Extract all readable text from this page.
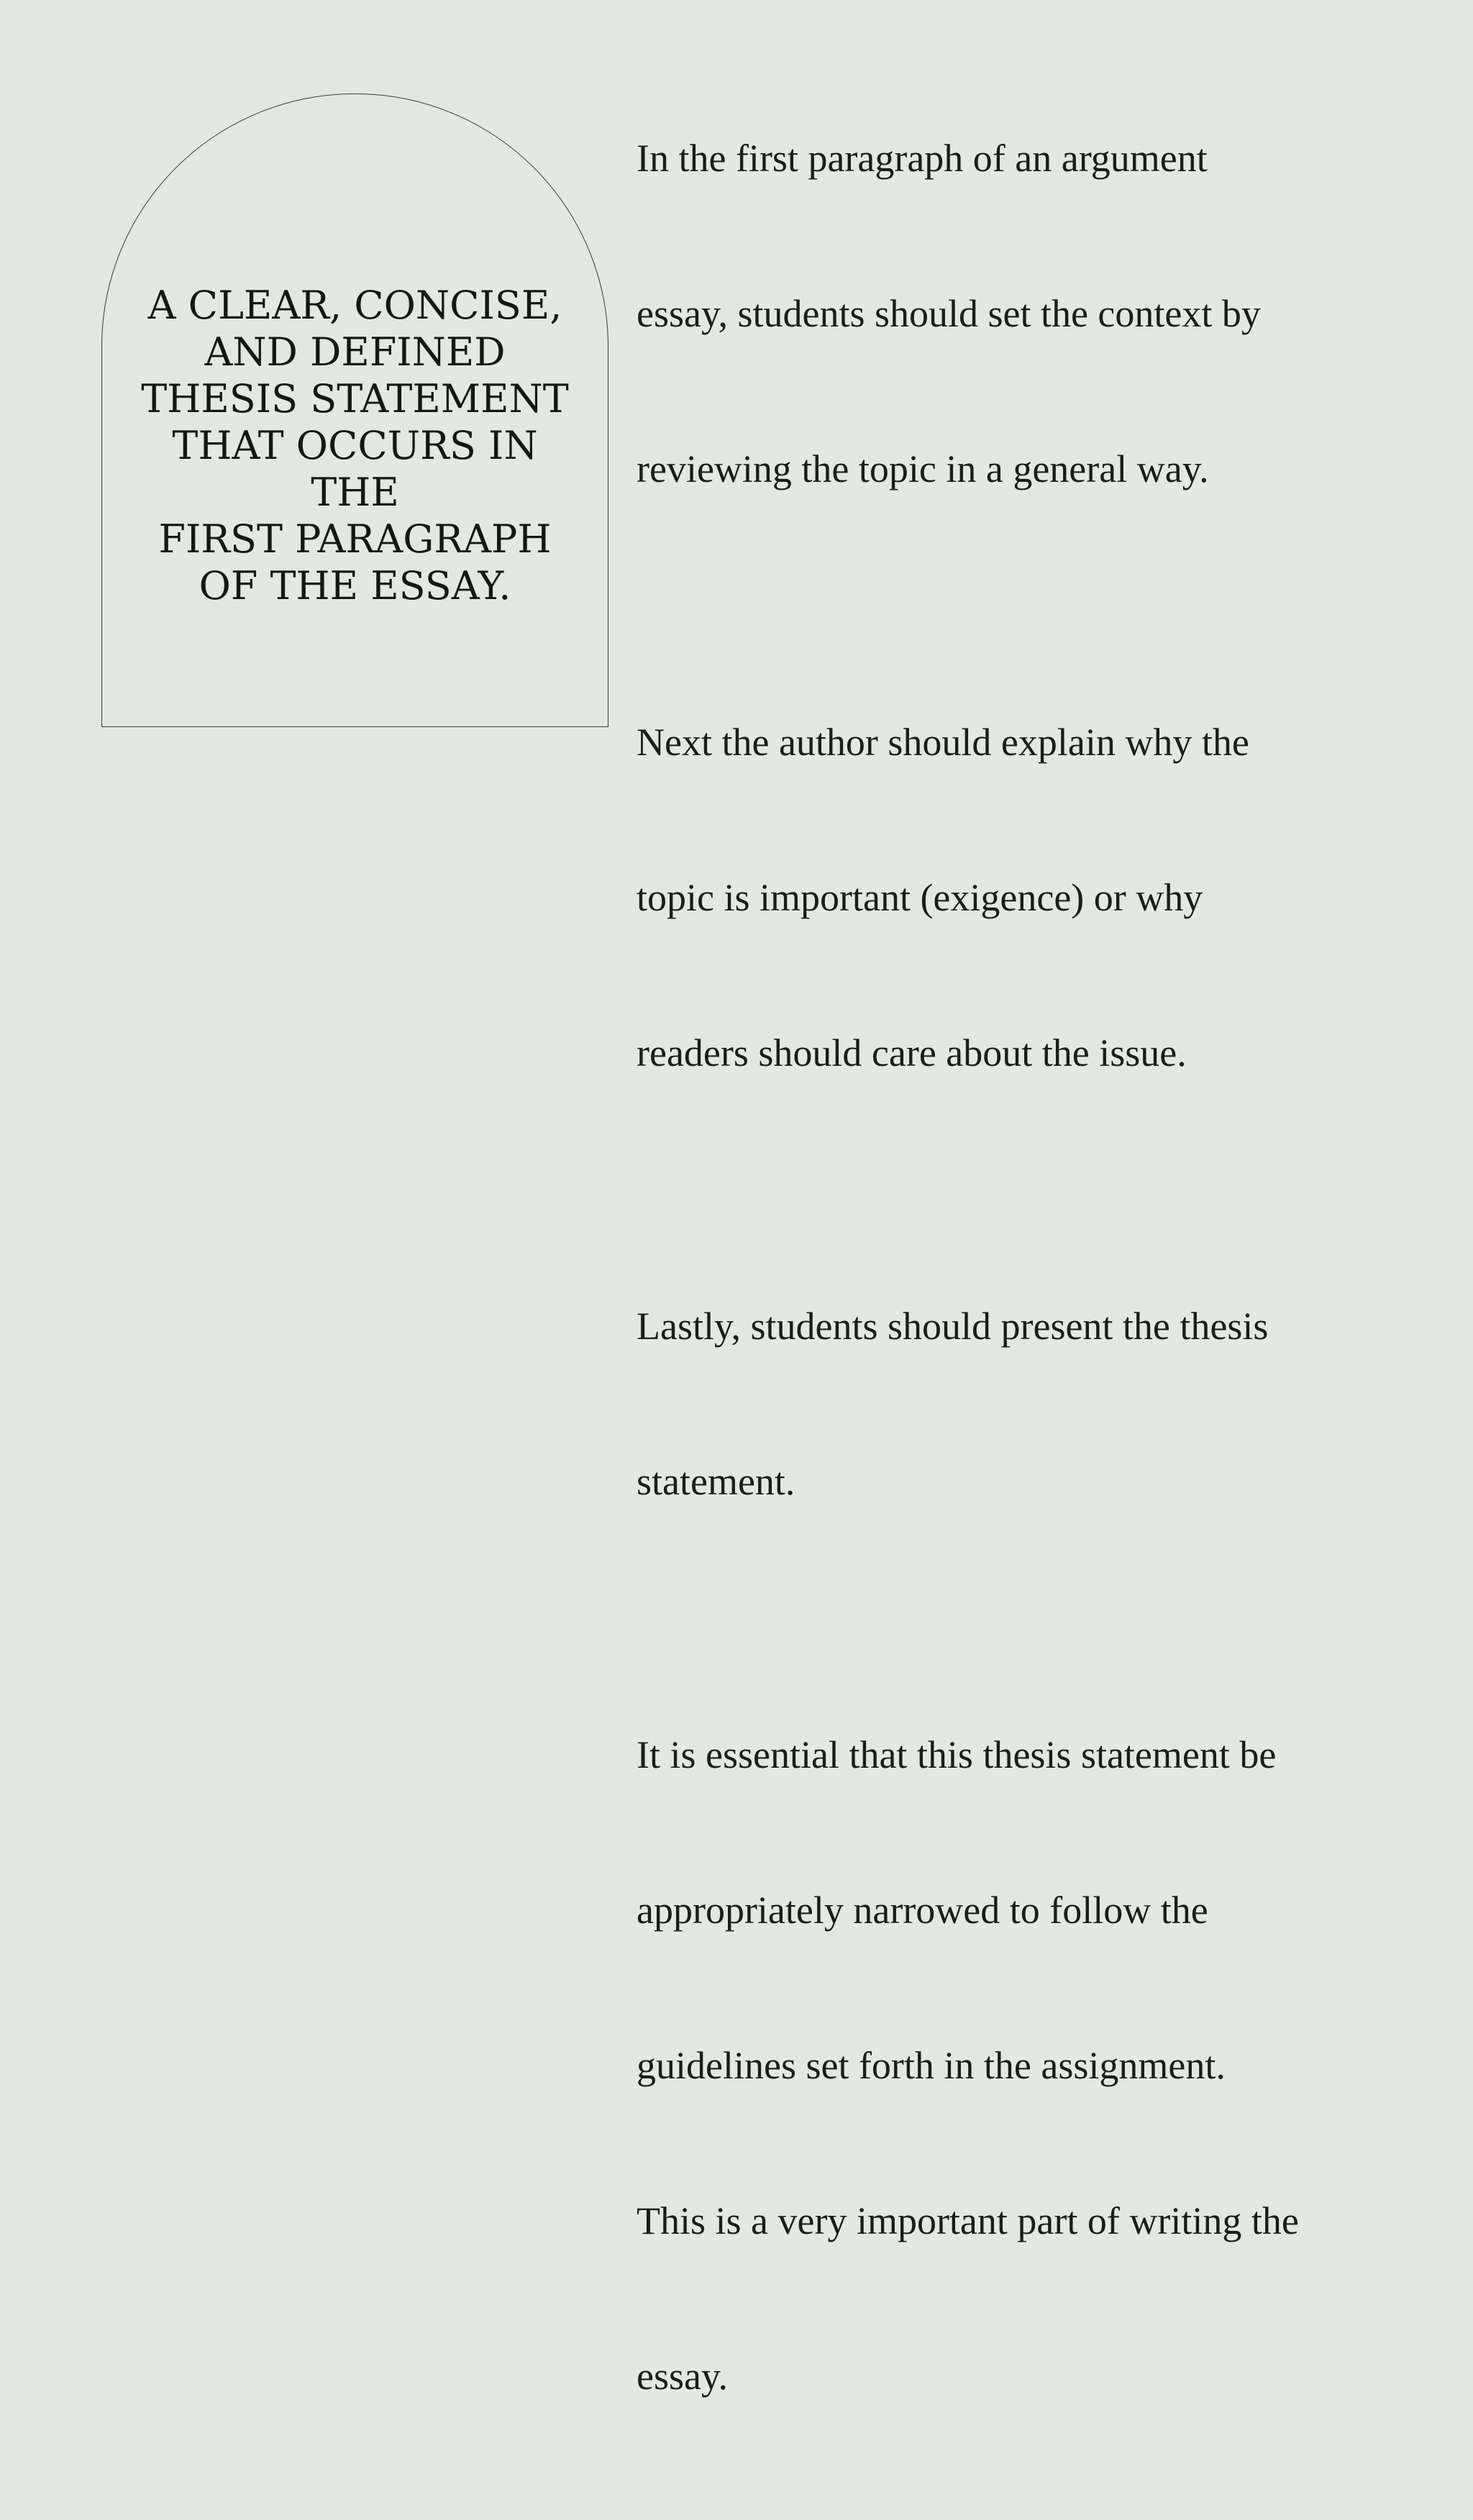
A CLEAR, CONCISE,
AND DEFINED
THESIS STATEMENT
THAT OCCURS IN
THE
FIRST PARAGRAPH
OF THE ESSAY.

In the first paragraph of an argument

essay, students should set the context by

reviewing the topic in a general way.

Next the author should explain why the

topic is important (exigence) or why

readers should care about the issue.

Lastly, students should present the thesis

statement.

It is essential that this thesis statement be

appropriately narrowed to follow the

guidelines set forth in the assignment.

This is a very important part of writing the

essay.
